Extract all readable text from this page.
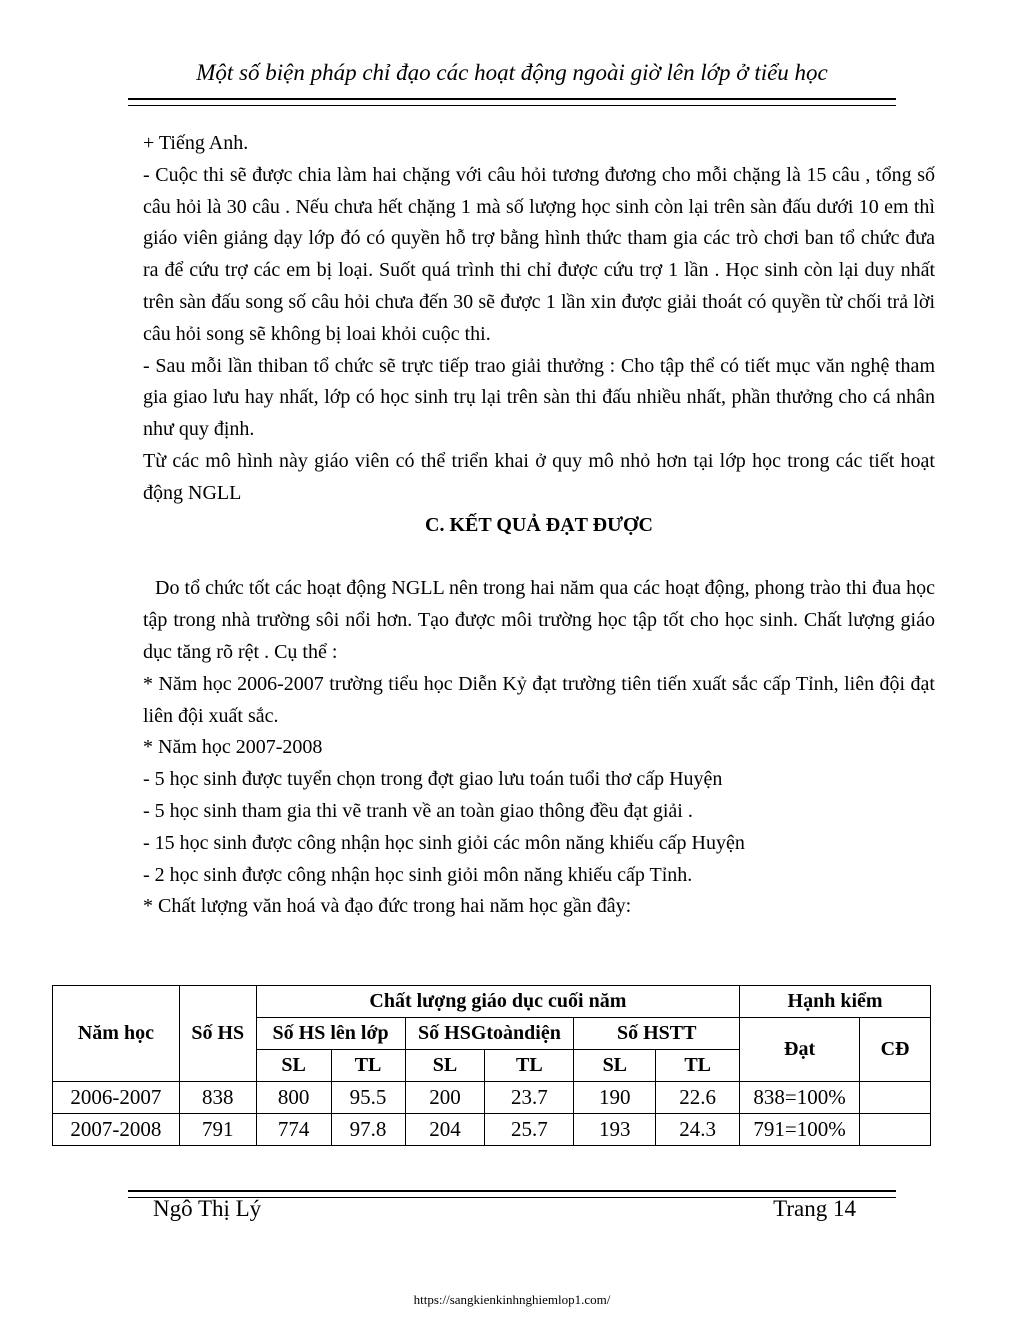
Một số biện pháp chỉ đạo các hoạt động ngoài giờ lên lớp ở tiểu học

+ Tiếng Anh.

- Cuộc thi sẽ được chia làm hai chặng với câu hỏi tương đương cho mỗi chặng là 15 câu , tổng số câu hỏi là 30 câu . Nếu chưa hết chặng 1 mà số lượng học sinh còn lại trên sàn đấu dưới 10 em thì giáo viên giảng dạy lớp đó có quyền hỗ trợ bằng hình thức tham gia các trò chơi ban tổ chức đưa ra để cứu trợ các em bị loại. Suốt quá trình thi chỉ được cứu trợ 1 lần . Học sinh còn lại duy nhất trên sàn đấu song số câu hỏi chưa đến 30 sẽ được 1 lần xin được giải thoát có quyền từ chối trả lời câu hỏi song sẽ không bị loai khỏi cuộc thi.

- Sau mỗi lần thiban tổ chức sẽ trực tiếp trao giải thưởng : Cho tập thể có tiết mục văn nghệ tham gia giao lưu hay nhất, lớp có học sinh trụ lại trên sàn thi đấu nhiều nhất, phần thưởng cho cá nhân như quy định.

Từ các mô hình này giáo viên có thể triển khai ở quy mô nhỏ hơn tại lớp học trong các tiết hoạt động NGLL

C. KẾT QUẢ ĐẠT ĐƯỢC

Do tổ chức tốt các hoạt động NGLL nên trong hai năm qua các hoạt động, phong trào thi đua học tập trong nhà trường sôi nổi hơn. Tạo được môi trường học tập tốt cho học sinh. Chất lượng giáo dục tăng rõ rệt . Cụ thể :

* Năm học 2006-2007 trường tiểu học Diễn Kỷ đạt trường tiên tiến xuất sắc cấp Tỉnh, liên đội đạt liên đội xuất sắc.

* Năm học 2007-2008

- 5 học sinh được tuyển chọn trong đợt giao lưu toán tuổi thơ cấp Huyện

- 5 học sinh tham gia thi vẽ tranh về an toàn giao thông đều đạt giải .

- 15 học sinh được công nhận học sinh giỏi các môn năng khiếu cấp Huyện

- 2 học sinh được công nhận học sinh giỏi môn năng khiếu cấp Tỉnh.

* Chất lượng văn hoá và đạo đức trong hai năm học gần đây:

Năm học	Số HS	Chất lượng giáo dục cuối năm						Hạnh kiểm	
		Số HS lên lớp		Số HSGtoàndiện		Số HSTT		Đạt	CĐ
		SL	TL	SL	TL	SL	TL		
2006-2007	838	800	95.5	200	23.7	190	22.6	838=100%	
2007-2008	791	774	97.8	204	25.7	193	24.3	791=100%	
Ngô Thị Lý	Trang 14
https://sangkienkinhnghiemlop1.com/
